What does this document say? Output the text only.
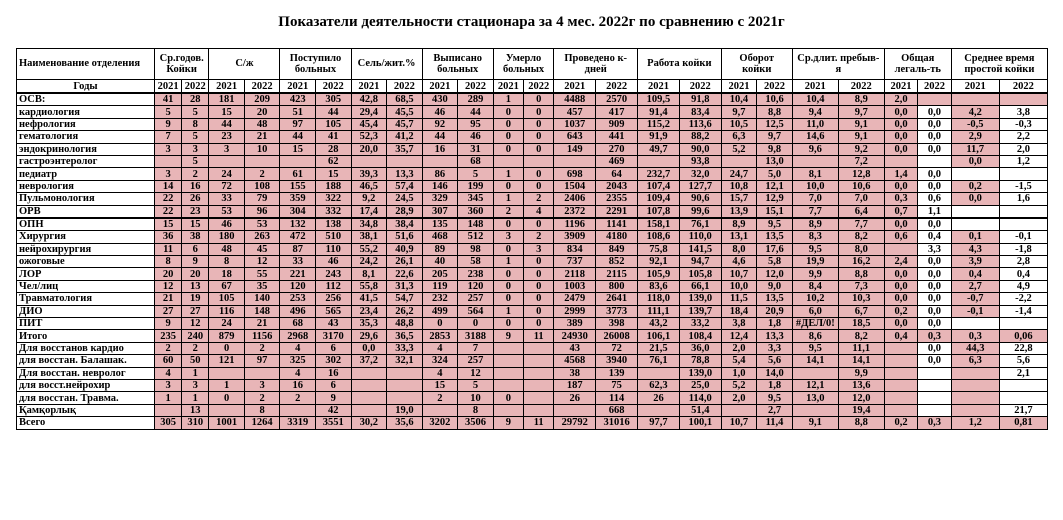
Показатели деятельности стационара за 4 мес. 2022г по сравнению с 2021г
Наименование отделения	Ср.годов. Койки		С/ж		Поступило больных		Сель/жит.%		Выписано больных		Умерло больных		Проведено к-дней		Работа койки		Оборот койки		Ср.длит. пребыв-я		Общая легаль-ть		Среднее время простой койки	
Годы	2021	2022	2021	2022	2021	2022	2021	2022	2021	2022	2021	2022	2021	2022	2021	2022	2021	2022	2021	2022	2021	2022	2021	2022
ОСВ:	41	28	181	209	423	305	42,8	68,5	430	289	1	0	4488	2570	109,5	91,8	10,4	10,6	10,4	8,9	2,0			
кардиология	5	5	15	20	51	44	29,4	45,5	46	44	0	0	457	417	91,4	83,4	9,7	8,8	9,4	9,7	0,0	0,0	4,2	3,8
нефрология	9	8	44	48	97	105	45,4	45,7	92	95	0	0	1037	909	115,2	113,6	10,5	12,5	11,0	9,1	0,0	0,0	-0,5	-0,3
гематология	7	5	23	21	44	41	52,3	41,2	44	46	0	0	643	441	91,9	88,2	6,3	9,7	14,6	9,1	0,0	0,0	2,9	2,2
эндокринология	3	3	3	10	15	28	20,0	35,7	16	31	0	0	149	270	49,7	90,0	5,2	9,8	9,6	9,2	0,0	0,0	11,7	2,0
гастроэнтеролог		5				62				68				469		93,8		13,0		7,2			0,0	1,2
педиатр	3	2	24	2	61	15	39,3	13,3	86	5	1	0	698	64	232,7	32,0	24,7	5,0	8,1	12,8	1,4	0,0		
неврология	14	16	72	108	155	188	46,5	57,4	146	199	0	0	1504	2043	107,4	127,7	10,8	12,1	10,0	10,6	0,0	0,0	0,2	-1,5
Пульмонология	22	26	33	79	359	322	9,2	24,5	329	345	1	2	2406	2355	109,4	90,6	15,7	12,9	7,0	7,0	0,3	0,6	0,0	1,6
ОРВ	22	23	53	96	304	332	17,4	28,9	307	360	2	4	2372	2291	107,8	99,6	13,9	15,1	7,7	6,4	0,7	1,1		
ОПН	15	15	46	53	132	138	34,8	38,4	135	148	0	0	1196	1141	158,1	76,1	8,9	9,5	8,9	7,7	0,0	0,0		
Хирургия	36	38	180	263	472	510	38,1	51,6	468	512	3	2	3909	4180	108,6	110,0	13,1	13,5	8,3	8,2	0,6	0,4	0,1	-0,1
нейрохирургия	11	6	48	45	87	110	55,2	40,9	89	98	0	3	834	849	75,8	141,5	8,0	17,6	9,5	8,0		3,3	4,3	-1,8
ожоговые	8	9	8	12	33	46	24,2	26,1	40	58	1	0	737	852	92,1	94,7	4,6	5,8	19,9	16,2	2,4	0,0	3,9	2,8
ЛОР	20	20	18	55	221	243	8,1	22,6	205	238	0	0	2118	2115	105,9	105,8	10,7	12,0	9,9	8,8	0,0	0,0	0,4	0,4
Чел/лиц	12	13	67	35	120	112	55,8	31,3	119	120	0	0	1003	800	83,6	66,1	10,0	9,0	8,4	7,3	0,0	0,0	2,7	4,9
Травматология	21	19	105	140	253	256	41,5	54,7	232	257	0	0	2479	2641	118,0	139,0	11,5	13,5	10,2	10,3	0,0	0,0	-0,7	-2,2
ДИО	27	27	116	148	496	565	23,4	26,2	499	564	1	0	2999	3773	111,1	139,7	18,4	20,9	6,0	6,7	0,2	0,0	-0,1	-1,4
ПИТ	9	12	24	21	68	43	35,3	48,8	0	0	0	0	389	398	43,2	33,2	3,8	1,8	#ДЕЛ/0!	18,5	0,0	0,0		
Итого	235	240	879	1156	2968	3170	29,6	36,5	2853	3188	9	11	24930	26008	106,1	108,4	12,4	13,3	8,6	8,2	0,4	0,3	0,3	0,06
Для восстанов кардио	2	2	0	2	4	6	0,0	33,3	4	7			43	72	21,5	36,0	2,0	3,3	9,5	11,1		0,0	44,3	22,8
для восстан. Балашак.	60	50	121	97	325	302	37,2	32,1	324	257			4568	3940	76,1	78,8	5,4	5,6	14,1	14,1		0,0	6,3	5,6
Для восстан. невролог	4	1			4	16			4	12			38	139		139,0	1,0	14,0		9,9				2,1
для восст.нейрохир	3	3	1	3	16	6			15	5			187	75	62,3	25,0	5,2	1,8	12,1	13,6				
для восстан. Травма.	1	1	0	2	2	9			2	10	0		26	114	26	114,0	2,0	9,5	13,0	12,0				
Қамқорлық		13		8		42		19,0		8				668		51,4		2,7		19,4				21,7
Всего	305	310	1001	1264	3319	3551	30,2	35,6	3202	3506	9	11	29792	31016	97,7	100,1	10,7	11,4	9,1	8,8	0,2	0,3	1,2	0,81
